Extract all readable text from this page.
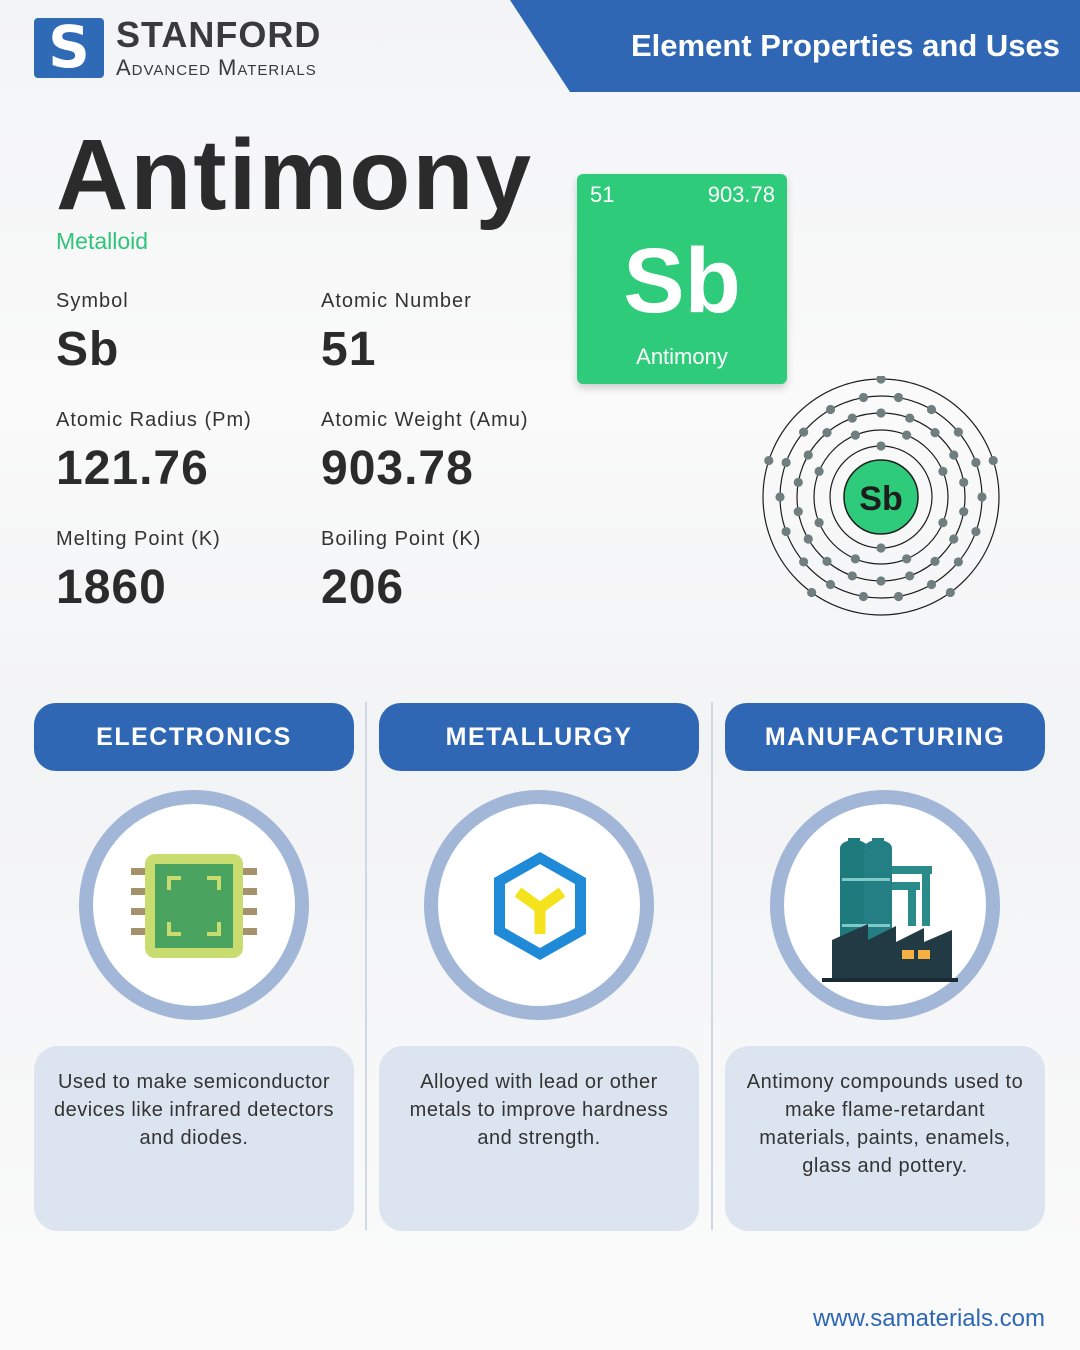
S STANFORD
Advanced Materials
Element Properties and Uses
Antimony
Metalloid
Symbol
Sb
Atomic Number
51
Atomic Radius (Pm)
121.76
Atomic Weight (Amu)
903.78
Melting Point (K)
1860
Boiling Point (K)
206
51	903.78
Sb
Antimony
Sb
ELECTRONICS
Used to make semiconductor devices like infrared detectors and diodes.
METALLURGY
Alloyed with lead or other metals to improve hardness and strength.
MANUFACTURING
Antimony compounds used to make flame-retardant materials, paints, enamels, glass and pottery.
www.samaterials.com
